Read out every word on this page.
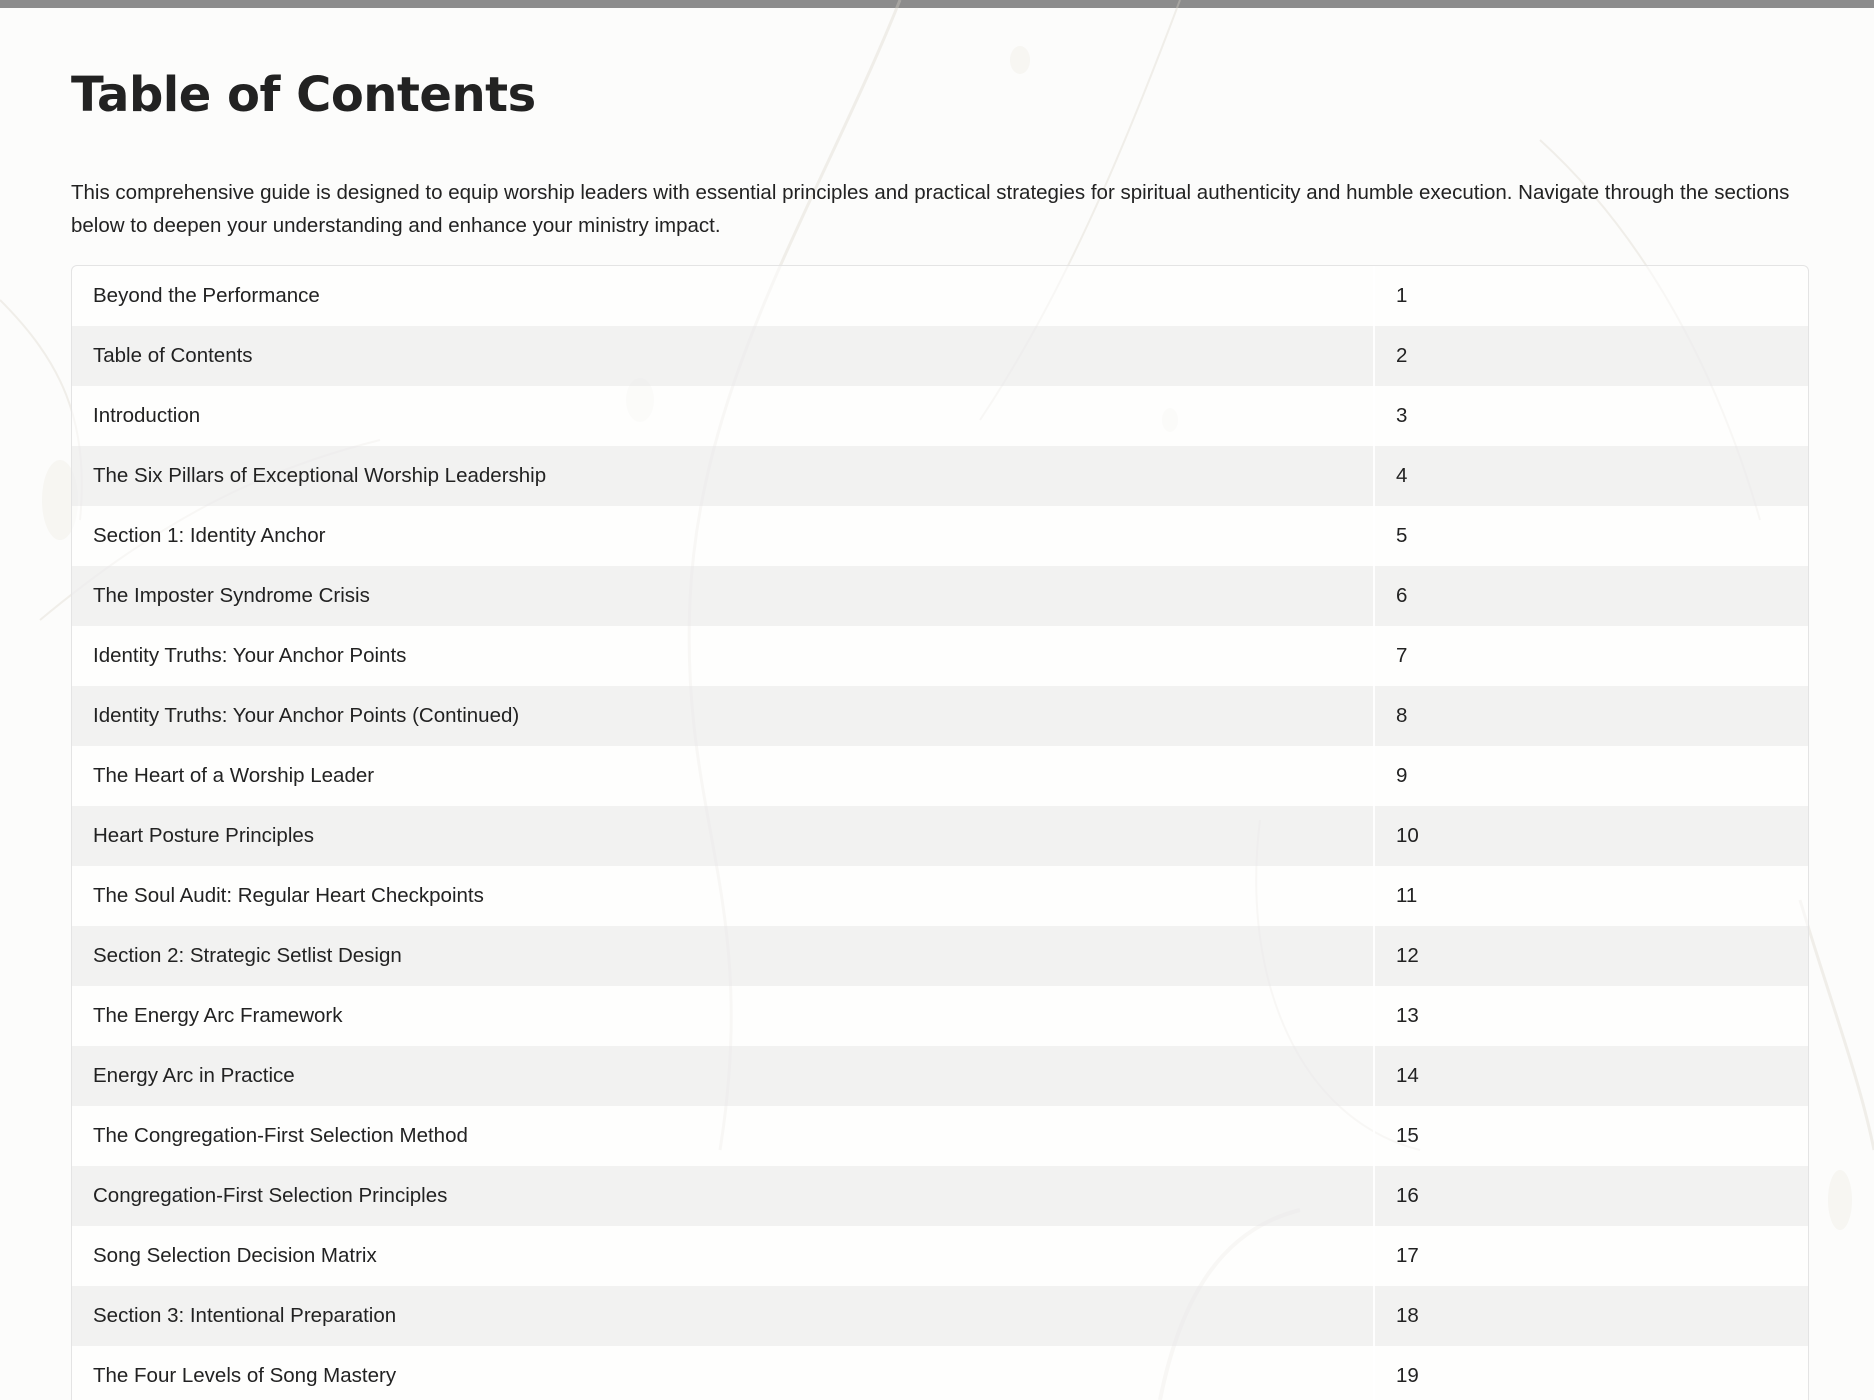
Table of Contents

This comprehensive guide is designed to equip worship leaders with essential principles and practical strategies for spiritual authenticity and humble execution. Navigate through the sections below to deepen your understanding and enhance your ministry impact.

Beyond the Performance	1
Table of Contents	2
Introduction	3
The Six Pillars of Exceptional Worship Leadership	4
Section 1: Identity Anchor	5
The Imposter Syndrome Crisis	6
Identity Truths: Your Anchor Points	7
Identity Truths: Your Anchor Points (Continued)	8
The Heart of a Worship Leader	9
Heart Posture Principles	10
The Soul Audit: Regular Heart Checkpoints	11
Section 2: Strategic Setlist Design	12
The Energy Arc Framework	13
Energy Arc in Practice	14
The Congregation-First Selection Method	15
Congregation-First Selection Principles	16
Song Selection Decision Matrix	17
Section 3: Intentional Preparation	18
The Four Levels of Song Mastery	19
